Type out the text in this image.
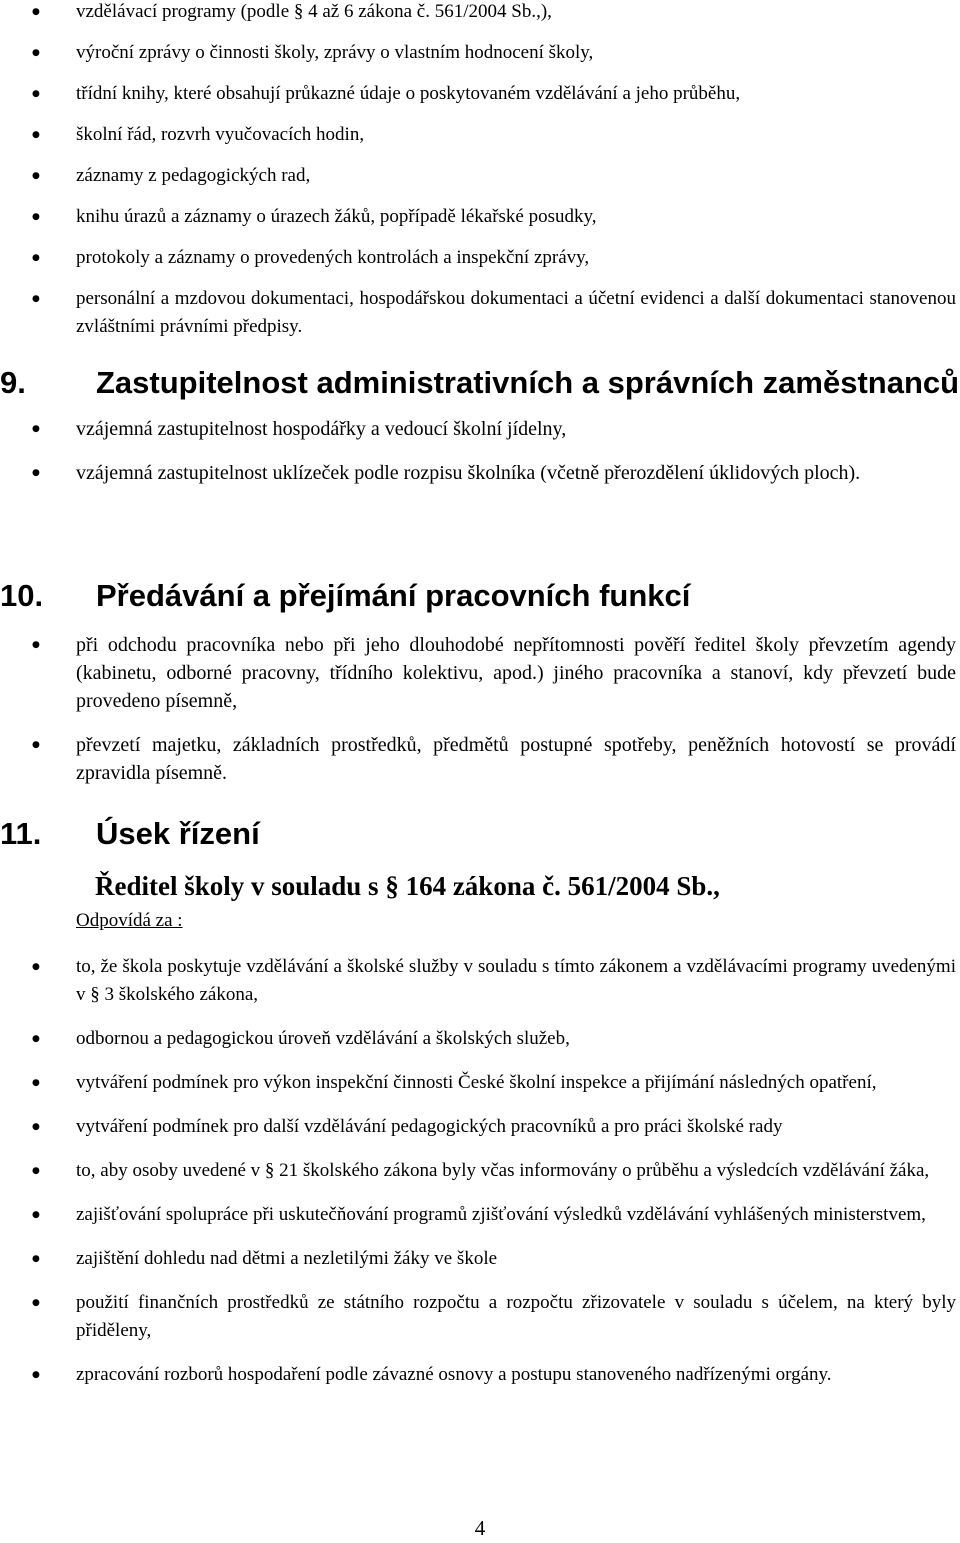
● vzdělávací programy (podle § 4 až 6 zákona č. 561/2004 Sb.,),
● výroční zprávy o činnosti školy, zprávy o vlastním hodnocení školy,
● třídní knihy, které obsahují průkazné údaje o poskytovaném vzdělávání a jeho průběhu,
● školní řád, rozvrh vyučovacích hodin,
● záznamy z pedagogických rad,
● knihu úrazů a záznamy o úrazech žáků, popřípadě lékařské posudky,
● protokoly a záznamy o provedených kontrolách a inspekční zprávy,
● personální a mzdovou dokumentaci, hospodářskou dokumentaci a účetní evidenci a další dokumentaci stanovenou zvláštními právními předpisy.
9. Zastupitelnost administrativních a správních zaměstnanců
● vzájemná zastupitelnost hospodářky a vedoucí školní jídelny,
● vzájemná zastupitelnost uklízeček podle rozpisu školníka (včetně přerozdělení úklidových ploch).
10. Předávání a přejímání pracovních funkcí
● při odchodu pracovníka nebo při jeho dlouhodobé nepřítomnosti pověří ředitel školy převzetím agendy (kabinetu, odborné pracovny, třídního kolektivu, apod.) jiného pracovníka a stanoví, kdy převzetí bude provedeno písemně,
● převzetí majetku, základních prostředků, předmětů postupné spotřeby, peněžních hotovostí se provádí zpravidla písemně.
11. Úsek řízení

Ředitel školy v souladu s § 164 zákona č. 561/2004 Sb.,

Odpovídá za :

● to, že škola poskytuje vzdělávání a školské služby v souladu s tímto zákonem a vzdělávacími programy uvedenými v § 3 školského zákona,
● odbornou a pedagogickou úroveň vzdělávání a školských služeb,
● vytváření podmínek pro výkon inspekční činnosti České školní inspekce a přijímání následných opatření,
● vytváření podmínek pro další vzdělávání pedagogických pracovníků a pro práci školské rady
● to, aby osoby uvedené v § 21 školského zákona byly včas informovány o průběhu a výsledcích vzdělávání žáka,
● zajišťování spolupráce při uskutečňování programů zjišťování výsledků vzdělávání vyhlášených ministerstvem,
● zajištění dohledu nad dětmi a nezletilými žáky ve škole
● použití finančních prostředků ze státního rozpočtu a rozpočtu zřizovatele v souladu s účelem, na který byly přiděleny,
● zpracování rozborů hospodaření podle závazné osnovy a postupu stanoveného nadřízenými orgány.
4
